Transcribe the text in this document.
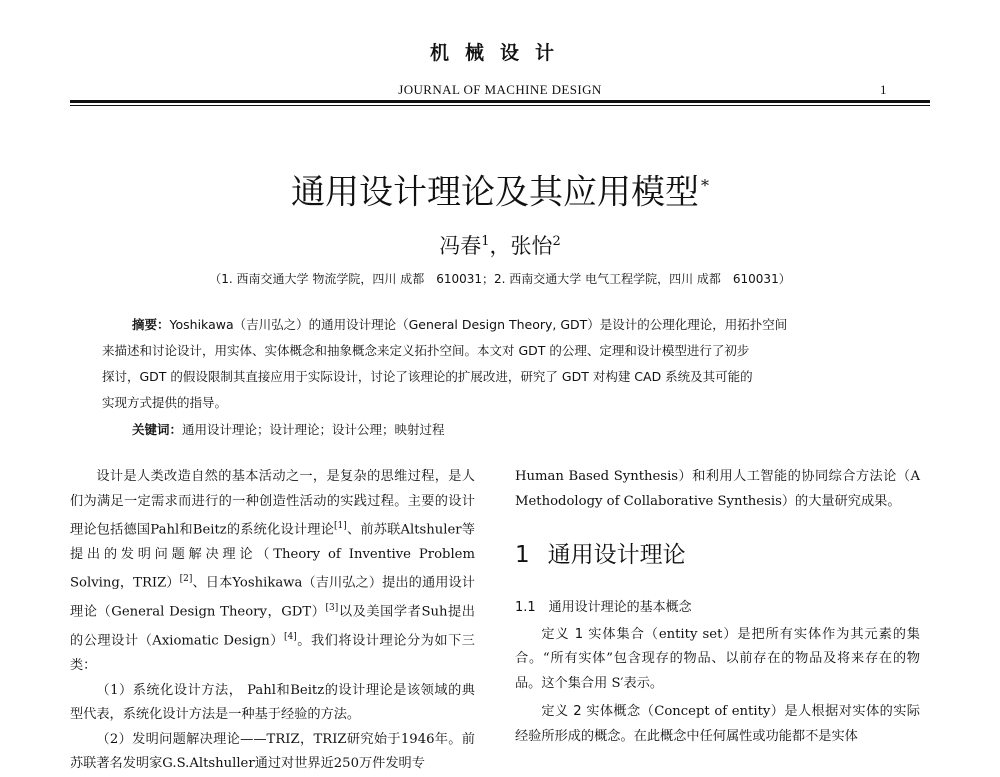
机械设计
JOURNAL OF MACHINE DESIGN	1
通用设计理论及其应用模型 *
冯春$^1$，张怡$^2$
（1. 西南交通大学 物流学院，四川 成都　610031；2. 西南交通大学 电气工程学院，四川 成都　610031）
摘要：Yoshikawa（吉川弘之）的通用设计理论（General Design Theory, GDT）是设计的公理化理论，用拓扑空间
来描述和讨论设计，用实体、实体概念和抽象概念来定义拓扑空间。本文对 GDT 的公理、定理和设计模型进行了初步
探讨，GDT 的假设限制其直接应用于实际设计，讨论了该理论的扩展改进，研究了 GDT 对构建 CAD 系统及其可能的
实现方式提供的指导。
关键词：通用设计理论；设计理论；设计公理；映射过程

设计是人类改造自然的基本活动之一，是复杂的思维过程，是人们为满足一定需求而进行的一种创造性活动的实践过程。主要的设计理论包括德国Pahl和Beitz的系统化设计理论[1]、前苏联Altshuler等提出的发明问题解决理论（Theory of Inventive Problem Solving，TRIZ）[2]、日本Yoshikawa（吉川弘之）提出的通用设计理论（General Design Theory，GDT）[3]以及美国学者Suh提出的公理设计（Axiomatic Design）[4]。我们将设计理论分为如下三类：

（1）系统化设计方法， Pahl和Beitz的设计理论是该领域的典型代表，系统化设计方法是一种基于经验的方法。

（2）发明问题解决理论——TRIZ，TRIZ研究始于1946年。前苏联著名发明家G.S.Altshuller通过对世界近250万件发明专

Human Based Synthesis）和利用人工智能的协同综合方法论（A Methodology of Collaborative Synthesis）的大量研究成果。

1 通用设计理论

1.1　通用设计理论的基本概念

定义 1 实体集合（entity set）是把所有实体作为其元素的集合。“所有实体”包含现存的物品、以前存在的物品及将来存在的物品。这个集合用 S′表示。

定义 2 实体概念（Concept of entity）是人根据对实体的实际经验所形成的概念。在此概念中任何属性或功能都不是实体
